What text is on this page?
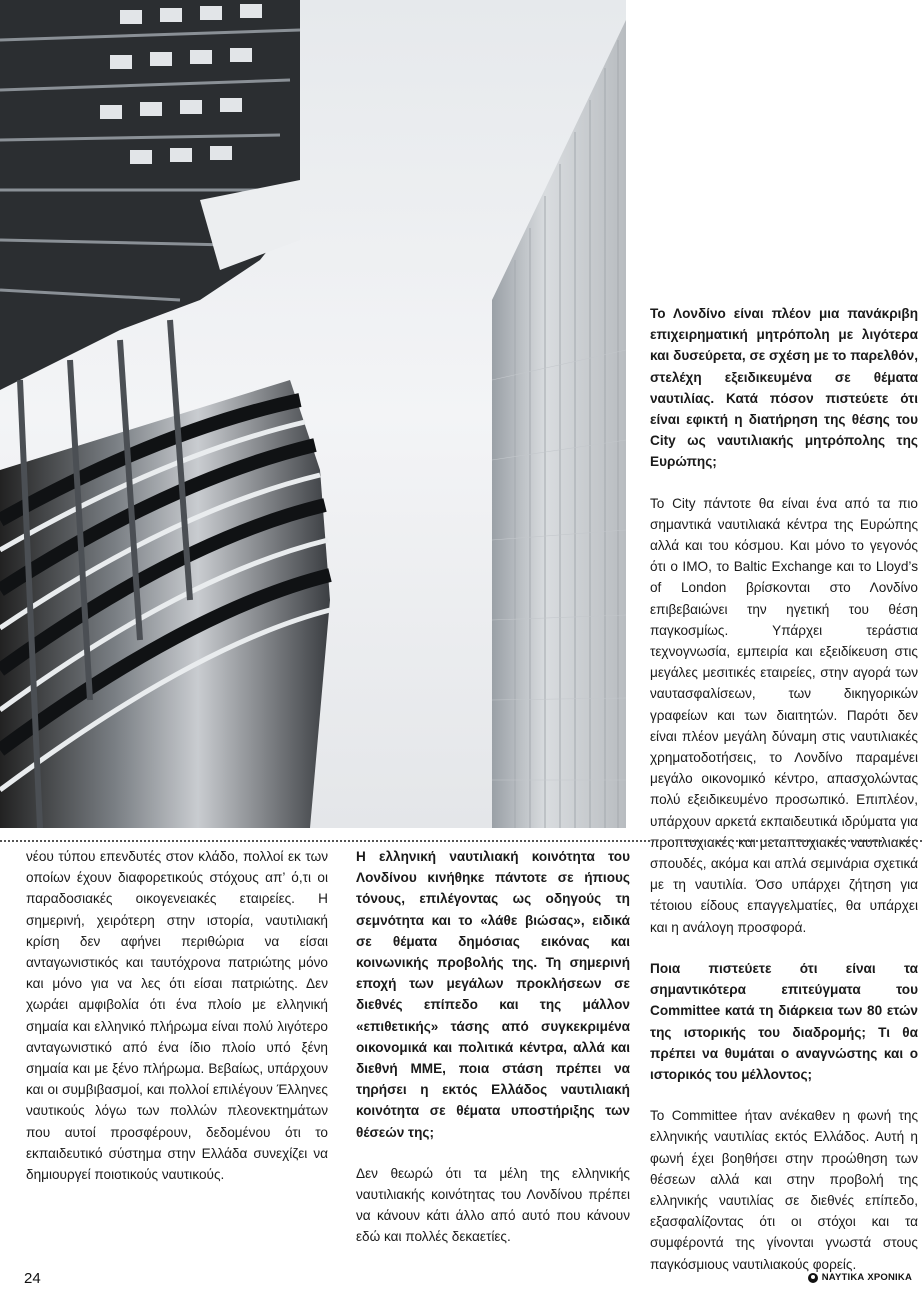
Το Λονδίνο είναι πλέον μια πανάκριβη επιχειρηματική μητρόπολη με λιγότερα και δυσεύρετα, σε σχέση με το παρελθόν, στελέχη εξειδικευμένα σε θέματα ναυτιλίας. Κατά πόσον πιστεύετε ότι είναι εφικτή η διατήρηση της θέσης του City ως ναυτιλιακής μητρόπολης της Ευρώπης;

Το City πάντοτε θα είναι ένα από τα πιο σημαντικά ναυτιλιακά κέντρα της Ευρώπης αλλά και του κόσμου. Και μόνο το γεγονός ότι ο ΙΜΟ, το Baltic Exchange και το Lloyd’s of London βρίσκονται στο Λονδίνο επιβεβαιώνει την ηγετική του θέση παγκοσμίως. Υπάρχει τεράστια τεχνογνωσία, εμπειρία και εξειδίκευση στις μεγάλες μεσιτικές εταιρείες, στην αγορά των ναυτασφαλίσεων, των δικηγορικών γραφείων και των διαιτητών. Παρότι δεν είναι πλέον μεγάλη δύναμη στις ναυτιλιακές χρηματοδοτήσεις, το Λονδίνο παραμένει μεγάλο οικονομικό κέντρο, απασχολώντας πολύ εξειδικευμένο προσωπικό. Επιπλέον, υπάρχουν αρκετά εκπαιδευτικά ιδρύματα για προπτυχιακές και μεταπτυχιακές ναυτιλιακές σπουδές, ακόμα και απλά σεμινάρια σχετικά με τη ναυτιλία. Όσο υπάρχει ζήτηση για τέτοιου είδους επαγγελματίες, θα υπάρχει και η ανάλογη προσφορά.

Ποια πιστεύετε ότι είναι τα σημαντικότερα επιτεύγματα του Committee κατά τη διάρκεια των 80 ετών της ιστορικής του διαδρομής; Τι θα πρέπει να θυμάται ο αναγνώστης και ο ιστορικός του μέλλοντος;

Το Committee ήταν ανέκαθεν η φωνή της ελληνικής ναυτιλίας εκτός Ελλάδος. Αυτή η φωνή έχει βοηθήσει στην προώθηση των θέσεων αλλά και στην προβολή της ελληνικής ναυτιλίας σε διεθνές επίπεδο, εξασφαλίζοντας ότι οι στόχοι και τα συμφέροντά της γίνονται γνωστά στους παγκόσμιους ναυτιλιακούς φορείς.

νέου τύπου επενδυτές στον κλάδο, πολλοί εκ των οποίων έχουν διαφορετικούς στόχους απ’ ό,τι οι παραδοσιακές οικογενειακές εταιρείες. Η σημερινή, χειρότερη στην ιστορία, ναυτιλιακή κρίση δεν αφήνει περιθώρια να είσαι ανταγωνιστικός και ταυτόχρονα πατριώτης μόνο και μόνο για να λες ότι είσαι πατριώτης. Δεν χωράει αμφιβολία ότι ένα πλοίο με ελληνική σημαία και ελληνικό πλήρωμα είναι πολύ λιγότερο ανταγωνιστικό από ένα ίδιο πλοίο υπό ξένη σημαία και με ξένο πλήρωμα. Βεβαίως, υπάρχουν και οι συμβιβασμοί, και πολλοί επιλέγουν Έλληνες ναυτικούς λόγω των πολλών πλεονεκτημάτων που αυτοί προσφέρουν, δεδομένου ότι το εκπαιδευτικό σύστημα στην Ελλάδα συνεχίζει να δημιουργεί ποιοτικούς ναυτικούς.

Η ελληνική ναυτιλιακή κοινότητα του Λονδίνου κινήθηκε πάντοτε σε ήπιους τόνους, επιλέγοντας ως οδηγούς τη σεμνότητα και το «λάθε βιώσας», ειδικά σε θέματα δημόσιας εικόνας και κοινωνικής προβολής της. Τη σημερινή εποχή των μεγάλων προκλήσεων σε διεθνές επίπεδο και της μάλλον «επιθετικής» τάσης από συγκεκριμένα οικονομικά και πολιτικά κέντρα, αλλά και διεθνή ΜΜΕ, ποια στάση πρέπει να τηρήσει η εκτός Ελλάδος ναυτιλιακή κοινότητα σε θέματα υποστήριξης των θέσεών της;

Δεν θεωρώ ότι τα μέλη της ελληνικής ναυτιλιακής κοινότητας του Λονδίνου πρέπει να κάνουν κάτι άλλο από αυτό που κάνουν εδώ και πολλές δεκαετίες.

24	ΝΑΥΤΙΚΑ ΧΡΟΝΙΚΑ
